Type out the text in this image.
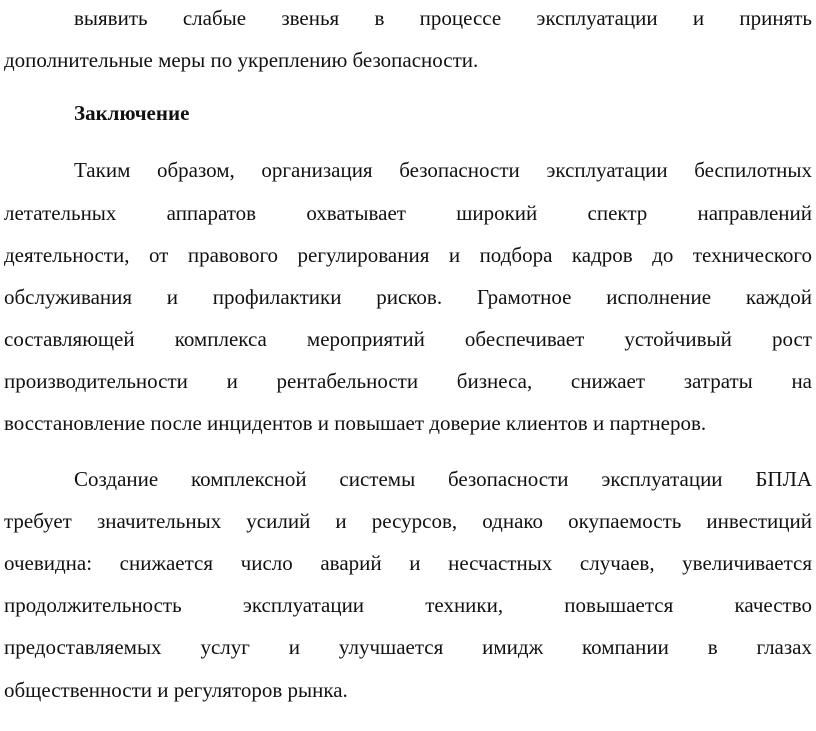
выявить слабые звенья в процессе эксплуатации и принять
дополнительные меры по укреплению безопасности.
Заключение
Таким образом, организация безопасности эксплуатации беспилотных
летательных аппаратов охватывает широкий спектр направлений
деятельности, от правового регулирования и подбора кадров до технического
обслуживания и профилактики рисков. Грамотное исполнение каждой
составляющей комплекса мероприятий обеспечивает устойчивый рост
производительности и рентабельности бизнеса, снижает затраты на
восстановление после инцидентов и повышает доверие клиентов и партнеров.
Создание комплексной системы безопасности эксплуатации БПЛА
требует значительных усилий и ресурсов, однако окупаемость инвестиций
очевидна: снижается число аварий и несчастных случаев, увеличивается
продолжительность эксплуатации техники, повышается качество
предоставляемых услуг и улучшается имидж компании в глазах
общественности и регуляторов рынка.
